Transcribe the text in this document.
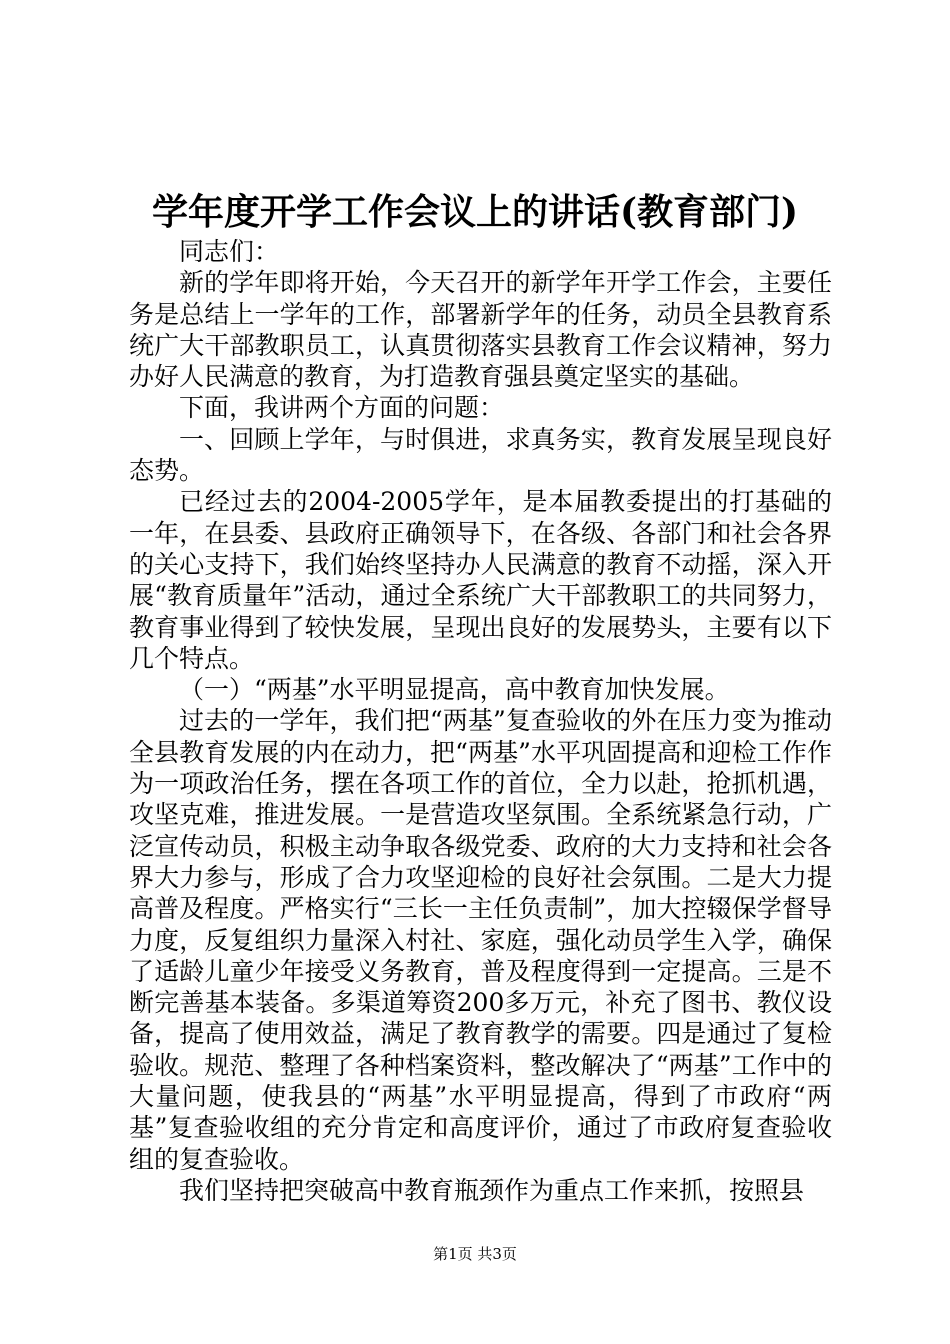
学年度开学工作会议上的讲话(教育部门)

同志们：

新的学年即将开始，今天召开的新学年开学工作会，主要任务是总结上一学年的工作，部署新学年的任务，动员全县教育系统广大干部教职员工，认真贯彻落实县教育工作会议精神，努力办好人民满意的教育，为打造教育强县奠定坚实的基础。

下面，我讲两个方面的问题：

一、回顾上学年，与时俱进，求真务实，教育发展呈现良好态势。

已经过去的2004-2005学年，是本届教委提出的打基础的一年，在县委、县政府正确领导下，在各级、各部门和社会各界的关心支持下，我们始终坚持办人民满意的教育不动摇，深入开展“教育质量年”活动，通过全系统广大干部教职工的共同努力，教育事业得到了较快发展，呈现出良好的发展势头，主要有以下几个特点。

（一）“两基”水平明显提高，高中教育加快发展。

过去的一学年，我们把“两基”复查验收的外在压力变为推动全县教育发展的内在动力，把“两基”水平巩固提高和迎检工作作为一项政治任务，摆在各项工作的首位，全力以赴，抢抓机遇，攻坚克难，推进发展。一是营造攻坚氛围。全系统紧急行动，广泛宣传动员，积极主动争取各级党委、政府的大力支持和社会各界大力参与，形成了合力攻坚迎检的良好社会氛围。二是大力提高普及程度。严格实行“三长一主任负责制”，加大控辍保学督导力度，反复组织力量深入村社、家庭，强化动员学生入学，确保了适龄儿童少年接受义务教育，普及程度得到一定提高。三是不断完善基本装备。多渠道筹资200多万元，补充了图书、教仪设备，提高了使用效益，满足了教育教学的需要。四是通过了复检验收。规范、整理了各种档案资料，整改解决了“两基”工作中的大量问题，使我县的“两基”水平明显提高，得到了市政府“两基”复查验收组的充分肯定和高度评价，通过了市政府复查验收组的复查验收。

我们坚持把突破高中教育瓶颈作为重点工作来抓，按照县

第1页 共3页
